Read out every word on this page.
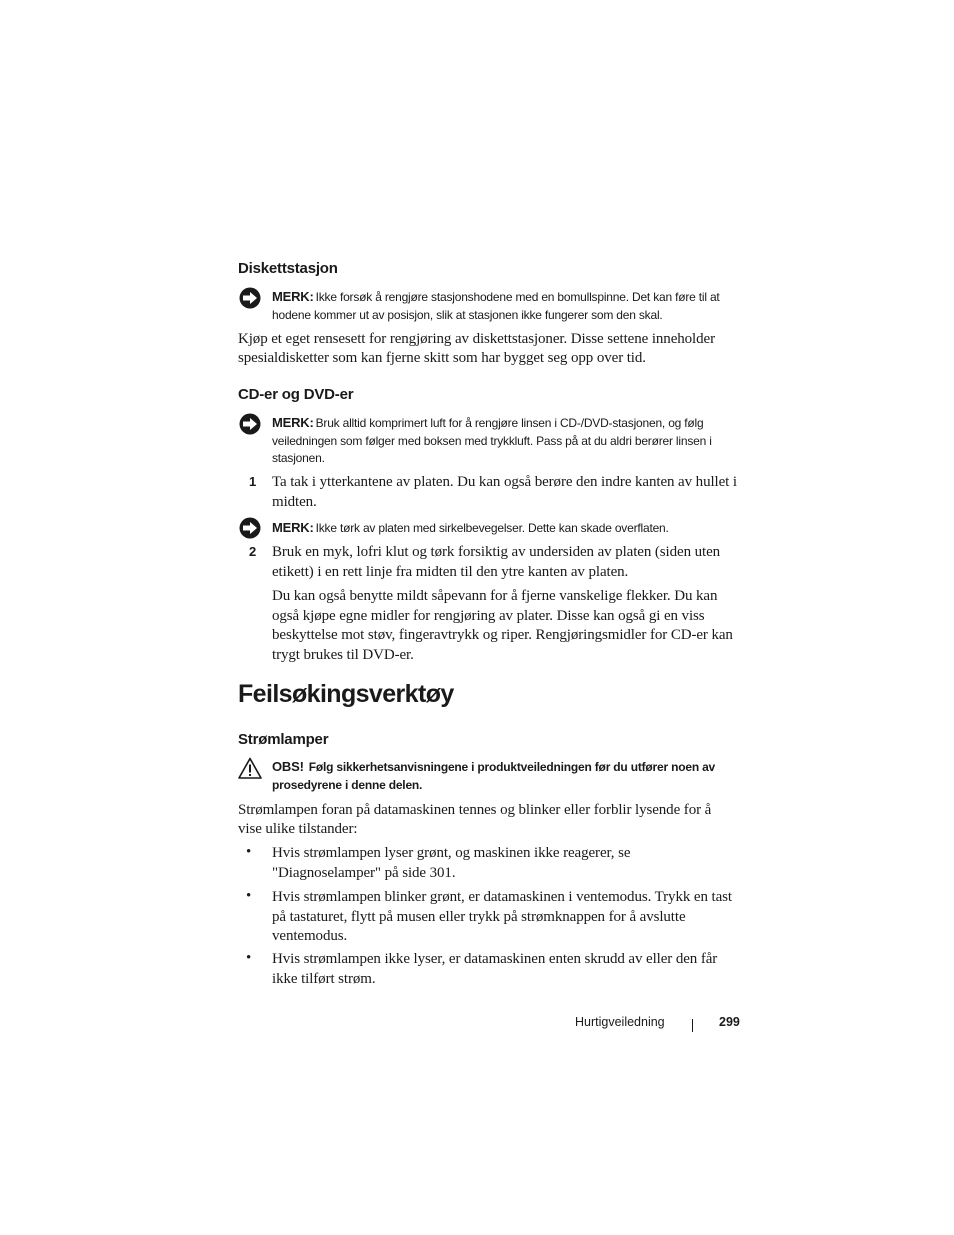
Diskettstasjon
MERK: Ikke forsøk å rengjøre stasjonshodene med en bomullspinne. Det kan føre til at hodene kommer ut av posisjon, slik at stasjonen ikke fungerer som den skal.
Kjøp et eget rensesett for rengjøring av diskettstasjoner. Disse settene inneholder spesialdisketter som kan fjerne skitt som har bygget seg opp over tid.
CD-er og DVD-er
MERK: Bruk alltid komprimert luft for å rengjøre linsen i CD-/DVD-stasjonen, og følg veiledningen som følger med boksen med trykkluft. Pass på at du aldri berører linsen i stasjonen.
1 Ta tak i ytterkantene av platen. Du kan også berøre den indre kanten av hullet i midten.
MERK: Ikke tørk av platen med sirkelbevegelser. Dette kan skade overflaten.
2 Bruk en myk, lofri klut og tørk forsiktig av undersiden av platen (siden uten etikett) i en rett linje fra midten til den ytre kanten av platen.
Du kan også benytte mildt såpevann for å fjerne vanskelige flekker. Du kan også kjøpe egne midler for rengjøring av plater. Disse kan også gi en viss beskyttelse mot støv, fingeravtrykk og riper. Rengjøringsmidler for CD-er kan trygt brukes til DVD-er.
Feilsøkingsverktøy
Strømlamper
OBS! Følg sikkerhetsanvisningene i produktveiledningen før du utfører noen av prosedyrene i denne delen.
Strømlampen foran på datamaskinen tennes og blinker eller forblir lysende for å vise ulike tilstander:
• Hvis strømlampen lyser grønt, og maskinen ikke reagerer, se "Diagnoselamper" på side 301.
• Hvis strømlampen blinker grønt, er datamaskinen i ventemodus. Trykk en tast på tastaturet, flytt på musen eller trykk på strømknappen for å avslutte ventemodus.
• Hvis strømlampen ikke lyser, er datamaskinen enten skrudd av eller den får ikke tilført strøm.
Hurtigveiledning	299
